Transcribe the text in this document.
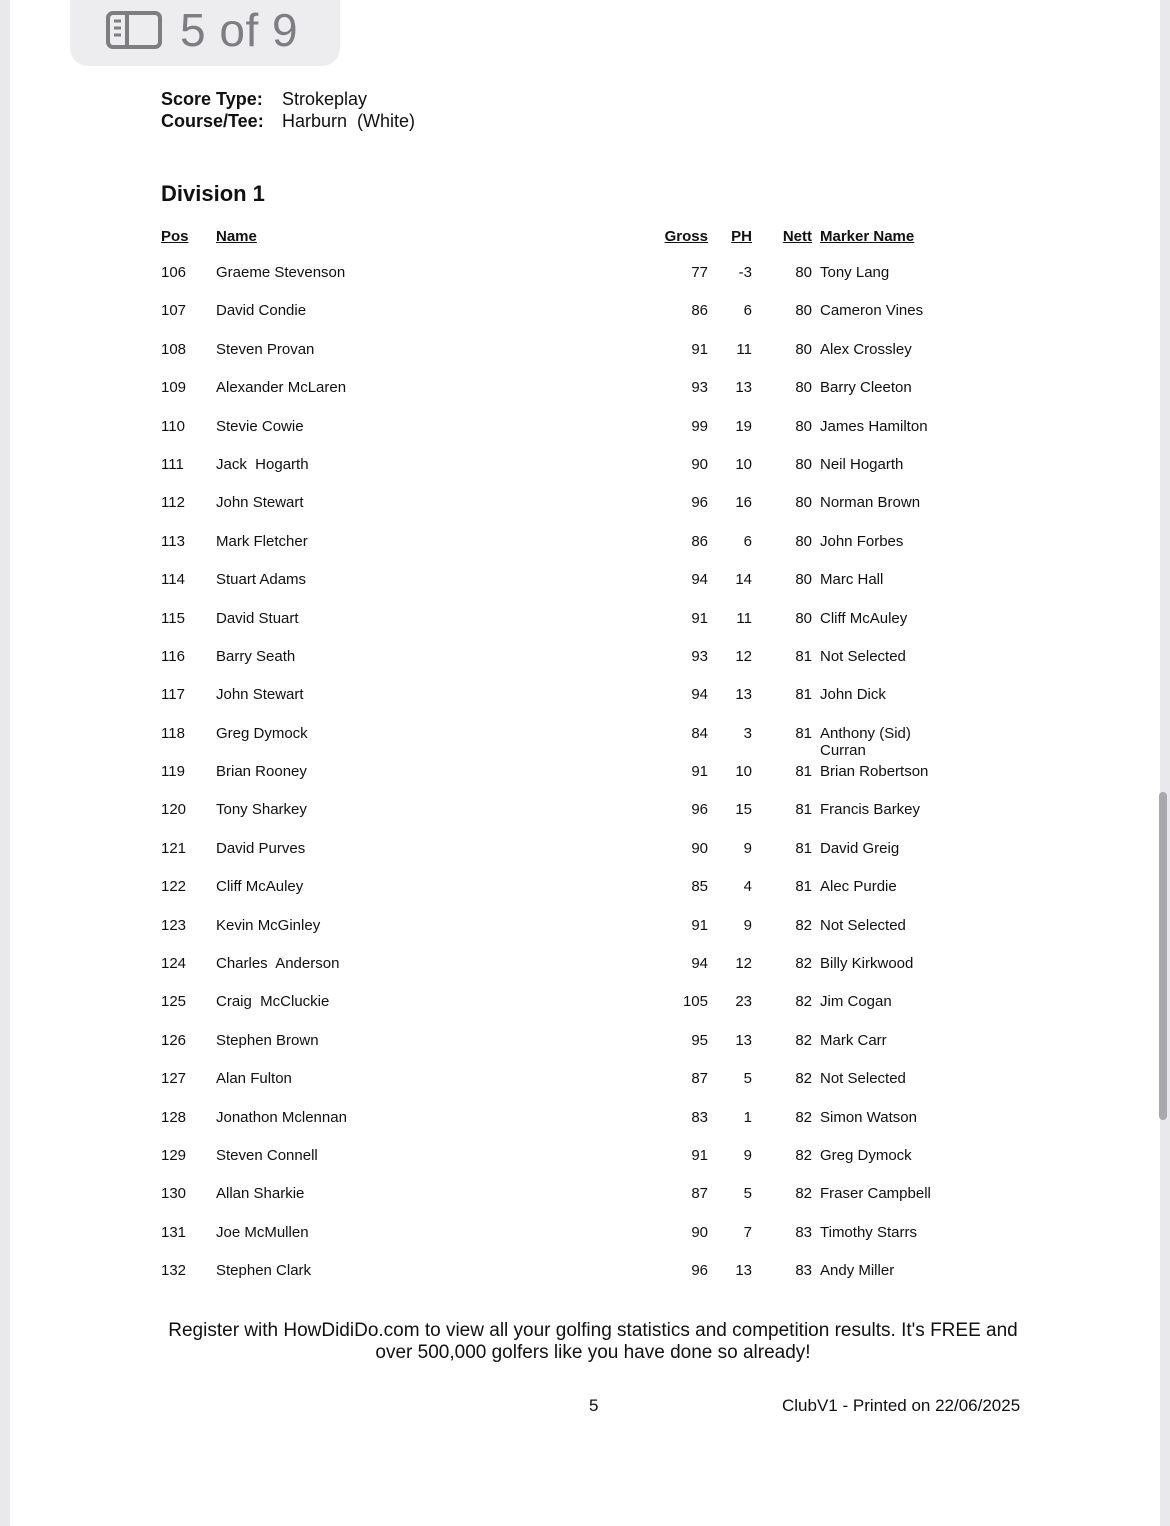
5 of 9
Score Type:	Strokeplay
Course/Tee:	Harburn  (White)
Division 1
Pos	Name	Gross	PH	Nett Marker Name
106	Graeme Stevenson	77	-3	80 Tony Lang
107	David Condie	86	6	80 Cameron Vines
108	Steven Provan	91	11	80 Alex Crossley
109	Alexander McLaren	93	13	80 Barry Cleeton
110	Stevie Cowie	99	19	80 James Hamilton
111	Jack  Hogarth	90	10	80 Neil Hogarth
112	John Stewart	96	16	80 Norman Brown
113	Mark Fletcher	86	6	80 John Forbes
114	Stuart Adams	94	14	80 Marc Hall
115	David Stuart	91	11	80 Cliff McAuley
116	Barry Seath	93	12	81 Not Selected
117	John Stewart	94	13	81 John Dick
118	Greg Dymock	84	3	81 Anthony (Sid) Curran
119	Brian Rooney	91	10	81 Brian Robertson
120	Tony Sharkey	96	15	81 Francis Barkey
121	David Purves	90	9	81 David Greig
122	Cliff McAuley	85	4	81 Alec Purdie
123	Kevin McGinley	91	9	82 Not Selected
124	Charles  Anderson	94	12	82 Billy Kirkwood
125	Craig  McCluckie	105	23	82 Jim Cogan
126	Stephen Brown	95	13	82 Mark Carr
127	Alan Fulton	87	5	82 Not Selected
128	Jonathon Mclennan	83	1	82 Simon Watson
129	Steven Connell	91	9	82 Greg Dymock
130	Allan Sharkie	87	5	82 Fraser Campbell
131	Joe McMullen	90	7	83 Timothy Starrs
132	Stephen Clark	96	13	83 Andy Miller
Register with HowDidiDo.com to view all your golfing statistics and competition results. It's FREE and over 500,000 golfers like you have done so already!
5	ClubV1 - Printed on 22/06/2025
